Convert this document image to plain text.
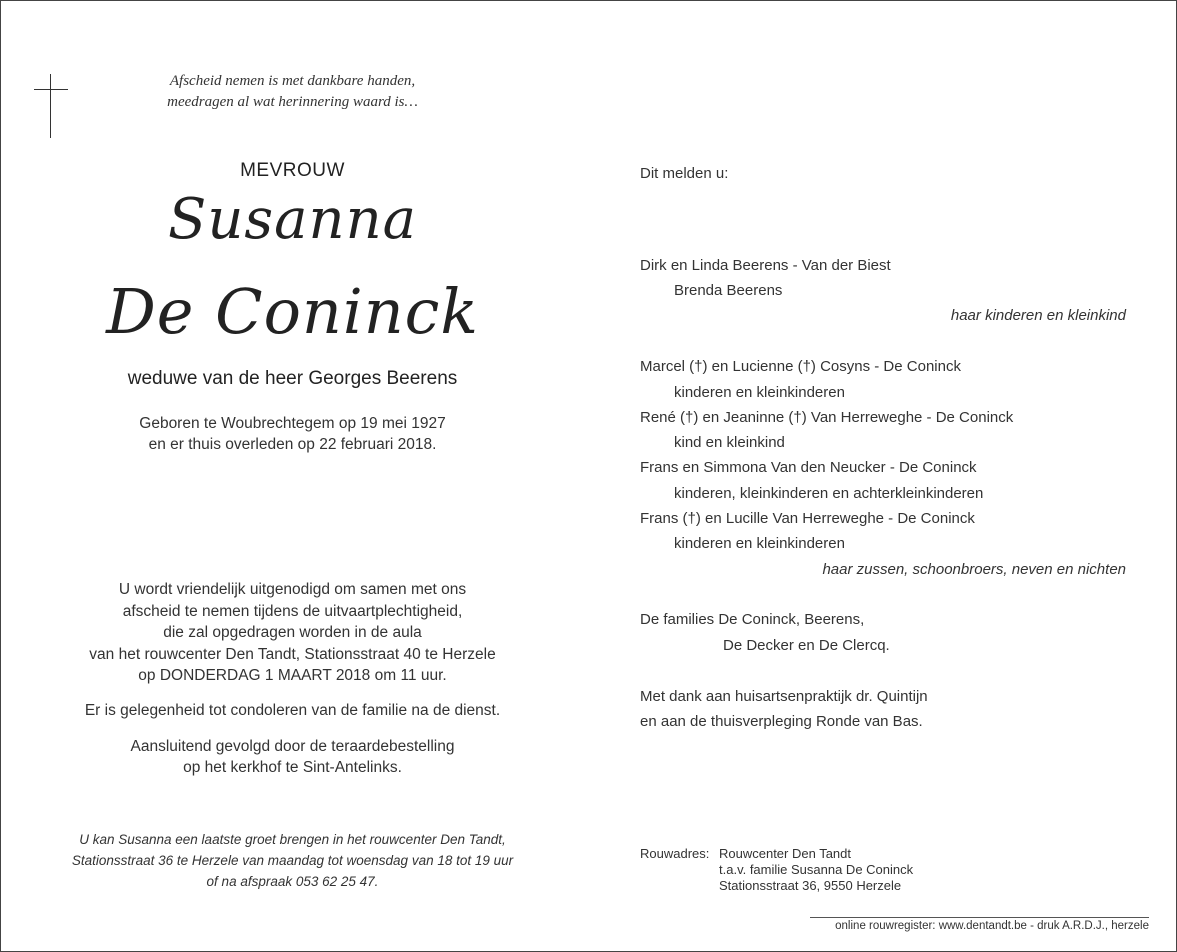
Afscheid nemen is met dankbare handen,
meedragen al wat herinnering waard is…
MEVROUW
Susanna
De Coninck
weduwe van de heer Georges Beerens
Geboren te Woubrechtegem op 19 mei 1927
en er thuis overleden op 22 februari 2018.
U wordt vriendelijk uitgenodigd om samen met ons
afscheid te nemen tijdens de uitvaartplechtigheid,
die zal opgedragen worden in de aula
van het rouwcenter Den Tandt, Stationsstraat 40 te Herzele
op DONDERDAG 1 MAART 2018 om 11 uur.
Er is gelegenheid tot condoleren van de familie na de dienst.
Aansluitend gevolgd door de teraardebestelling
op het kerkhof te Sint-Antelinks.
U kan Susanna een laatste groet brengen in het rouwcenter Den Tandt,
Stationsstraat 36 te Herzele van maandag tot woensdag van 18 tot 19 uur
of na afspraak 053 62 25 47.
Dit melden u:
Dirk en Linda Beerens - Van der Biest
Brenda Beerens
haar kinderen en kleinkind
Marcel (†) en Lucienne (†) Cosyns - De Coninck
kinderen en kleinkinderen
René (†) en Jeaninne (†) Van Herreweghe - De Coninck
kind en kleinkind
Frans en Simmona Van den Neucker - De Coninck
kinderen, kleinkinderen en achterkleinkinderen
Frans (†) en Lucille Van Herreweghe - De Coninck
kinderen en kleinkinderen
haar zussen, schoonbroers, neven en nichten
De families De Coninck, Beerens,
De Decker en De Clercq.
Met dank aan huisartsenpraktijk dr. Quintijn
en aan de thuisverpleging Ronde van Bas.
Rouwadres: Rouwcenter Den Tandt
t.a.v. familie Susanna De Coninck
Stationsstraat 36, 9550 Herzele
online rouwregister: www.dentandt.be - druk A.R.D.J., herzele
